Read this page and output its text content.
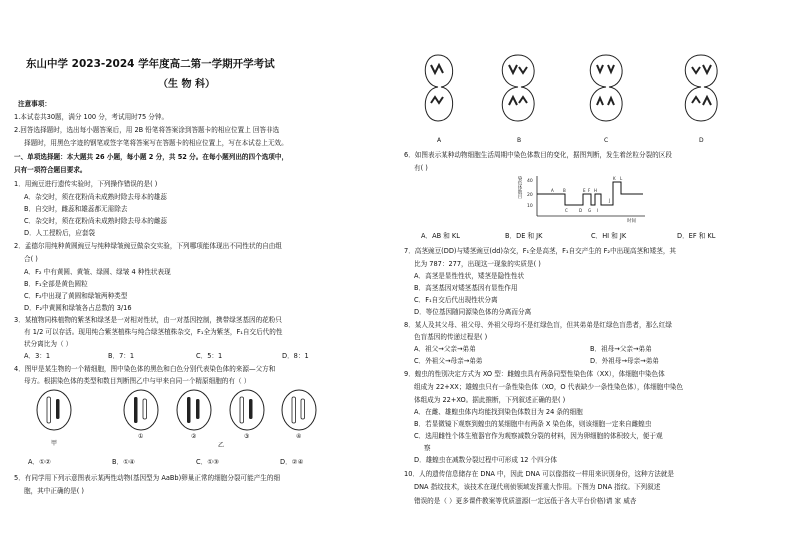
东山中学 2023-2024 学年度高二第一学期开学考试
（生 物 科）
注意事项：
1.本试卷共30题，满分 100 分，考试用时75 分钟。
2.回答选择题时，选出每小题答案后，用 2B 铅笔将答案涂到答题卡的相应位置上 回答非选
择题时，用黑色字迹的钢笔或签字笔将答案写在答题卡的相应位置上，写在本试卷上无效。
一、单项选择题：本大题共 26 小题，每小题 2 分，共 52 分。在每小题列出的四个选项中，
只有一项符合题目要求。
1．用豌豆进行遗传实验时，下列操作错误的是( )
A．杂交时，须在花粉尚未成熟时除去母本的雄蕊
B．自交时，雌蕊和雄蕊都无需除去
C．杂交时，须在花粉尚未成熟时除去母本的雌蕊
D．人工授粉后，应套袋
2．孟德尔用纯种黄圆豌豆与纯种绿皱豌豆做杂交实验，下列哪项能体现出不同性状的自由组
合( )
A．F₂ 中有黄圆、黄皱、绿圆、绿皱 4 种性状表现
B．F₁全部是黄色圆粒
C．F₂中出现了黄圆和绿皱两种类型
D．F₂中黄圆和绿皱各占总数的 3/16
3．某植物同株植物的紫茎和绿茎是一对相对性状，由一对基因控制，携带绿茎基因的花粉只
有 1/2 可以存活。现用纯合紫茎植株与纯合绿茎植株杂交，F₁全为紫茎，F₁自交后代的性
状分离比为（ ）
A．3：1	B．7：1	C．5：1	D．8：1
4．图甲是某生物的一个精细胞，图中染色体的黑色和白色分别代表染色体的来源—父方和
母方。根据染色体的类型和数目判断图乙中与甲来自同一个精原细胞的有（ ）
甲
①	②	③	④
乙
A．①②	B．①④	C．①③	D．②④
5．有同学用下列示意图表示某两性动物(基因型为 AaBb)卵巢正常的细胞分裂可能产生的细
胞，其中正确的是( )
A	B	C	D
6．如图表示某种动物细胞生活周期中染色体数目的变化，据图判断，发生着丝粒分裂的区段
有( )
40
20
10
A B
C	D
E F
G
H
I
J
K L
时间
染色体数目
A．AB 和 KL	B．DE 和 JK	C．HI 和 JK	D．EF 和 KL
7．高茎豌豆(DD)与矮茎豌豆(dd)杂交，F₁全是高茎，F₁自交产生的 F₂中出现高茎和矮茎，其
比为 787：277，出现这一现象的实质是( )
A．高茎是显性性状，矮茎是隐性性状
B．高茎基因对矮茎基因有显性作用
C．F₁自交后代出现性状分离
D．等位基因随同源染色体的分离而分离
8．某人及其父母、祖父母、外祖父母均不是红绿色盲，但其弟弟是红绿色盲患者，那么红绿
色盲基因的传递过程是( )
A．祖父→父亲→弟弟	B．祖母→父亲→弟弟
C．外祖父→母亲→弟弟	D．外祖母→母亲→弟弟
9．蝗虫的性别决定方式为 XO 型：雌蝗虫具有两条同型性染色体（XX），体细胞中染色体
组成为 22+XX；雄蝗虫只有一条性染色体（XO，O 代表缺少一条性染色体），体细胞中染色
体组成为 22+XO。据此推断，下列叙述正确的是( )
A．在雌、雄蝗虫体内均能找到染色体数目为 24 条的细胞
B．若显微镜下观察到蝗虫的某细胞中有两条 X 染色体，则该细胞一定来自雌蝗虫
C．选用雌性个体生殖器官作为观察减数分裂的材料，因为卵细胞的体积较大，便于观
察
D．雄蝗虫在减数分裂过程中可形成 12 个四分体
10．人的遗传信息储存在 DNA 中，因此 DNA 可以像指纹一样用来识别身份，这种方法就是
DNA 指纹技术，该技术在现代刑侦领域发挥重大作用。下图为 DNA 指纹。下列叙述
错误的是（ ）更多课件教案等优质滋源(一定远低于各大平台价格)请 家 威杏
